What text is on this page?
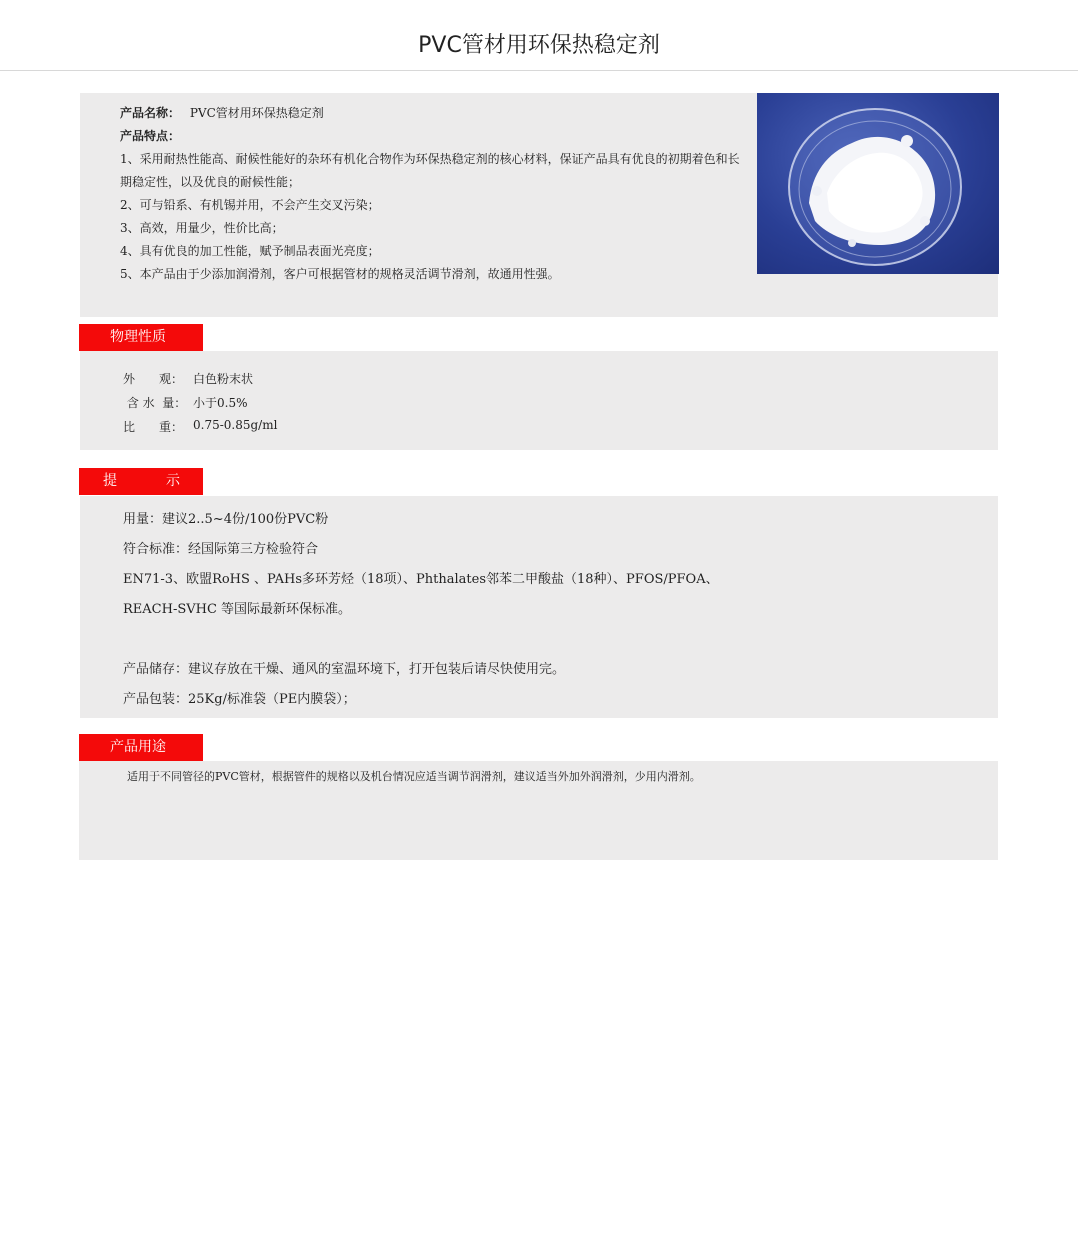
PVC管材用环保热稳定剂
产品名称： PVC管材用环保热稳定剂
产品特点：
1、采用耐热性能高、耐候性能好的杂环有机化合物作为环保热稳定剂的核心材料，保证产品具有优良的初期着色和长期稳定性，以及优良的耐候性能；
2、可与铅系、有机锡并用，不会产生交叉污染；
3、高效，用量少，性价比高；
4、具有优良的加工性能，赋予制品表面光亮度；
5、本产品由于少添加润滑剂，客户可根据管材的规格灵活调节滑剂，故通用性强。
物理性质
外　　观： 白色粉末状
含 水  量： 小于0.5%
比　　重： 0.75-0.85g/ml
提	示
用量：建议2..5~4份/100份PVC粉
符合标准：经国际第三方检验符合
EN71-3、欧盟RoHS 、PAHs多环芳烃（18项）、Phthalates邻苯二甲酸盐（18种）、PFOS/PFOA、
REACH-SVHC 等国际最新环保标准。
产品储存：建议存放在干燥、通风的室温环境下，打开包装后请尽快使用完。
产品包装：25Kg/标准袋（PE内膜袋）；
产品用途
适用于不同管径的PVC管材，根据管件的规格以及机台情况应适当调节润滑剂，建议适当外加外润滑剂，少用内滑剂。
